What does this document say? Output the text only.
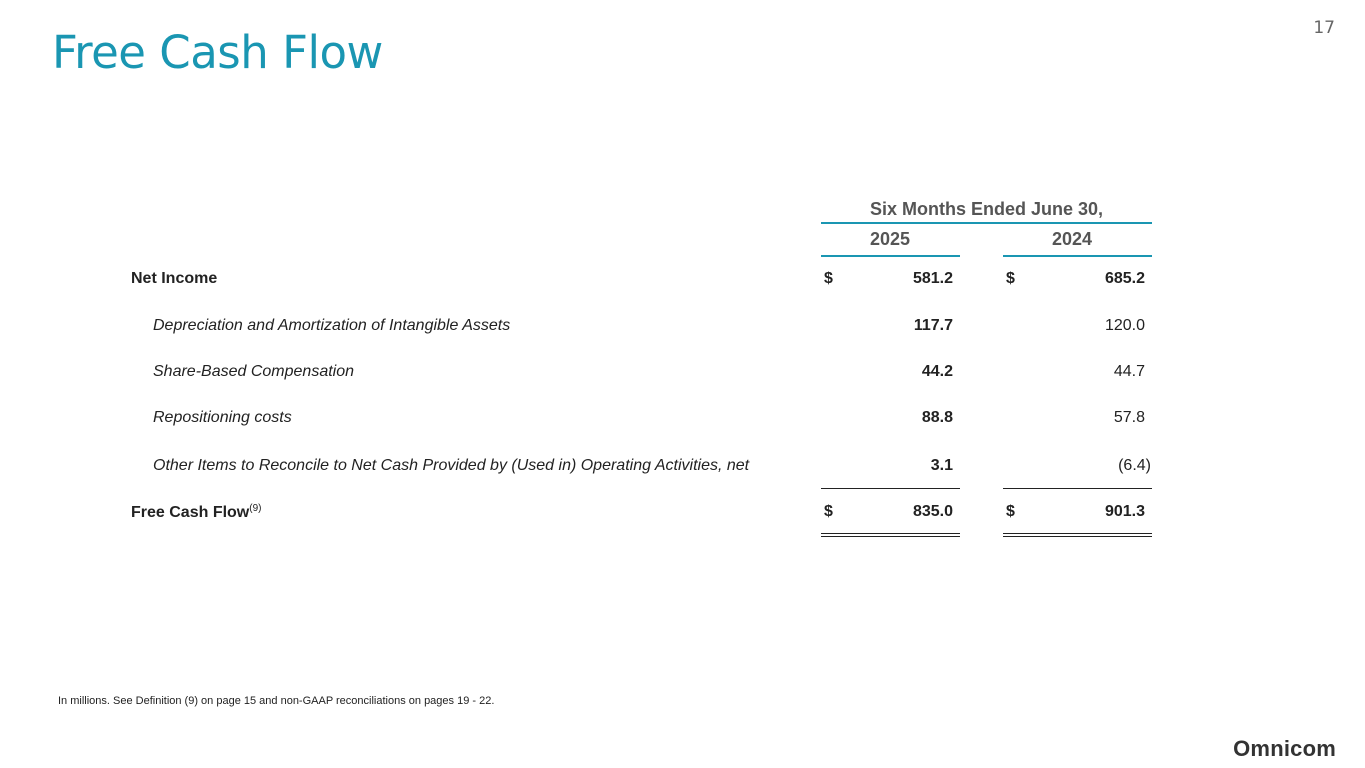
Free Cash Flow	17
Six Months Ended June 30,
2025	2024
Net Income	$	581.2	$	685.2
Depreciation and Amortization of Intangible Assets	117.7	120.0
Share-Based Compensation	44.2	44.7
Repositioning costs	88.8	57.8
Other Items to Reconcile to Net Cash Provided by (Used in) Operating Activities, net	3.1	(6.4)
Free Cash Flow$^{(9)}$	$	835.0	$	901.3
In millions. See Definition (9) on page 15 and non-GAAP reconciliations on pages 19 - 22.
Omnicom
